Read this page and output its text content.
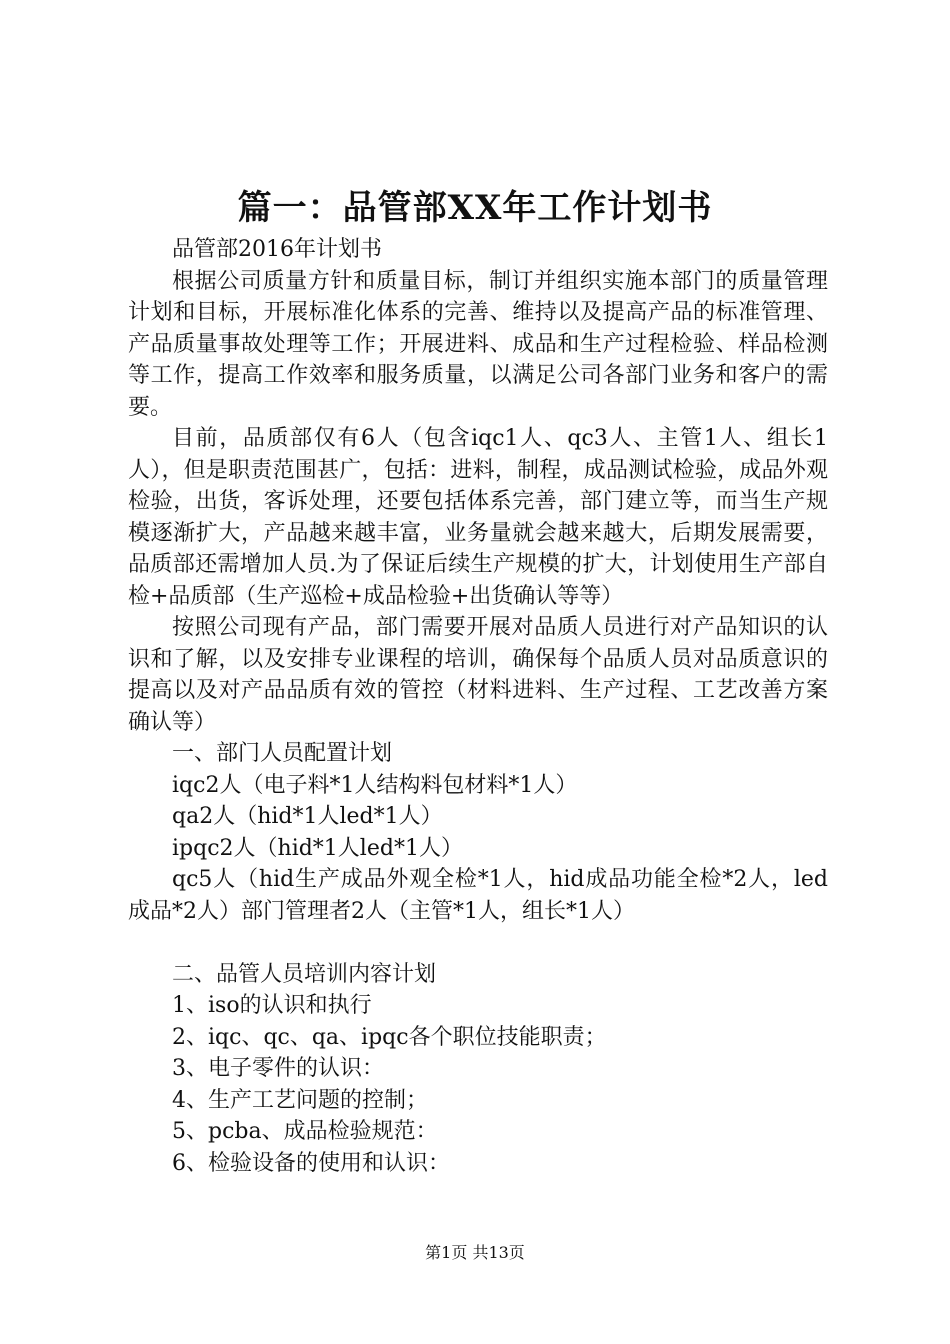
篇一：品管部XX年工作计划书

品管部2016年计划书

根据公司质量方针和质量目标，制订并组织实施本部门的质量管理计划和目标，开展标准化体系的完善、维持以及提高产品的标准管理、产品质量事故处理等工作；开展进料、成品和生产过程检验、样品检测等工作，提高工作效率和服务质量，以满足公司各部门业务和客户的需要。

目前，品质部仅有6人（包含iqc1人、qc3人、主管1人、组长1人），但是职责范围甚广，包括：进料，制程，成品测试检验，成品外观检验，出货，客诉处理，还要包括体系完善，部门建立等，而当生产规模逐渐扩大，产品越来越丰富，业务量就会越来越大，后期发展需要，品质部还需增加人员.为了保证后续生产规模的扩大，计划使用生产部自检+品质部（生产巡检+成品检验+出货确认等等）

按照公司现有产品，部门需要开展对品质人员进行对产品知识的认识和了解，以及安排专业课程的培训，确保每个品质人员对品质意识的提高以及对产品品质有效的管控（材料进料、生产过程、工艺改善方案确认等）

一、部门人员配置计划

iqc2人（电子料*1人结构料包材料*1人）

qa2人（hid*1人led*1人）

ipqc2人（hid*1人led*1人）

qc5人（hid生产成品外观全检*1人，hid成品功能全检*2人，led成品*2人）部门管理者2人（主管*1人，组长*1人）

二、品管人员培训内容计划

1、iso的认识和执行

2、iqc、qc、qa、ipqc各个职位技能职责；

3、电子零件的认识：

4、生产工艺问题的控制；

5、pcba、成品检验规范：

6、检验设备的使用和认识：

第1页 共13页
